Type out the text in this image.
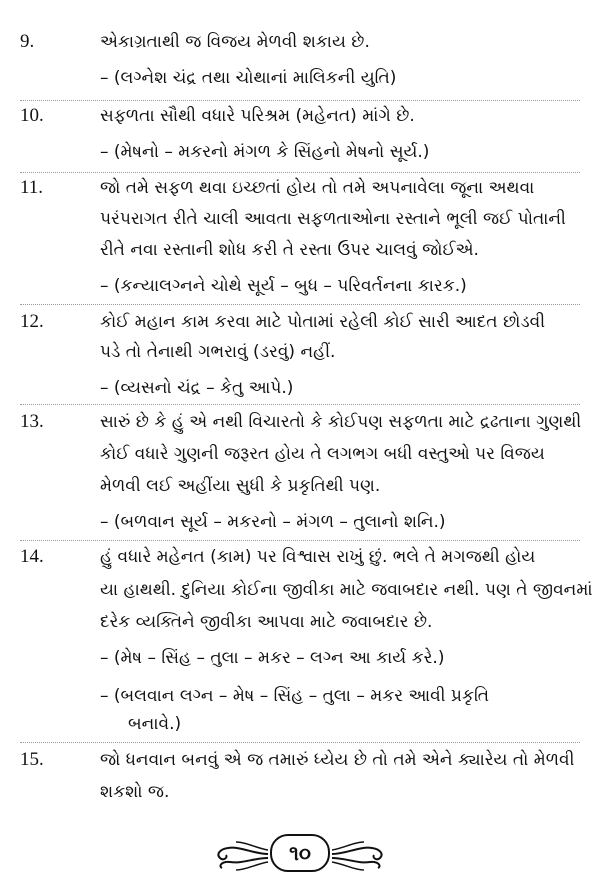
9.	એકાગ્રતાથી જ વિજય મેળવી શકાય છે.
– (લગ્નેશ ચંદ્ર તથા ચોથાનાં માલિકની યુતિ)
10.	સફળતા સૌથી વધારે પરિશ્રમ (મહેનત) માંગે છે.
– (મેષનો – મકરનો મંગળ કે સિંહનો મેષનો સૂર્ય.)
11.	જો તમે સફળ થવા ઇચ્છતાં હોય તો તમે અપનાવેલા જૂના અથવા
પરંપરાગત રીતે ચાલી આવતા સફળતાઓના રસ્તાને ભૂલી જઈ પોતાની
રીતે નવા રસ્તાની શોધ કરી તે રસ્તા ઉપર ચાલવું જોઈએ.
– (કન્યાલગ્નને ચોથે સૂર્ય – બુધ – પરિવર્તનના કારક.)
12.	કોઈ મહાન કામ કરવા માટે પોતામાં રહેલી કોઈ સારી આદત છોડવી
પડે તો તેનાથી ગભરાવું (ડરવું) નહીં.
– (વ્યસનો ચંદ્ર – કેતુ આપે.)
13.	સારું છે કે હું એ નથી વિચારતો કે કોઈપણ સફળતા માટે દ્રઢતાના ગુણથી
કોઈ વધારે ગુણની જરૂરત હોય તે લગભગ બધી વસ્તુઓ પર વિજય
મેળવી લઈ અહીંયા સુધી કે પ્રકૃતિથી પણ.
– (બળવાન સૂર્ય – મકરનો – મંગળ – તુલાનો શનિ.)
14.	હું વધારે મહેનત (કામ) પર વિશ્વાસ રાખું છું. ભલે તે મગજથી હોય
યા હાથથી. દુનિયા કોઈના જીવીકા માટે જવાબદાર નથી. પણ તે જીવનમાં
દરેક વ્યક્તિને જીવીકા આપવા માટે જવાબદાર છે.
– (મેષ – સિંહ – તુલા – મકર – લગ્ન આ કાર્ય કરે.)
– (બલવાન લગ્ન – મેષ – સિંહ – તુલા – મકર આવી પ્રકૃતિ
બનાવે.)
15.	જો ધનવાન બનવું એ જ તમારું ધ્યેય છે તો તમે એને ક્યારેય તો મેળવી
શકશો જ.
૧૦
